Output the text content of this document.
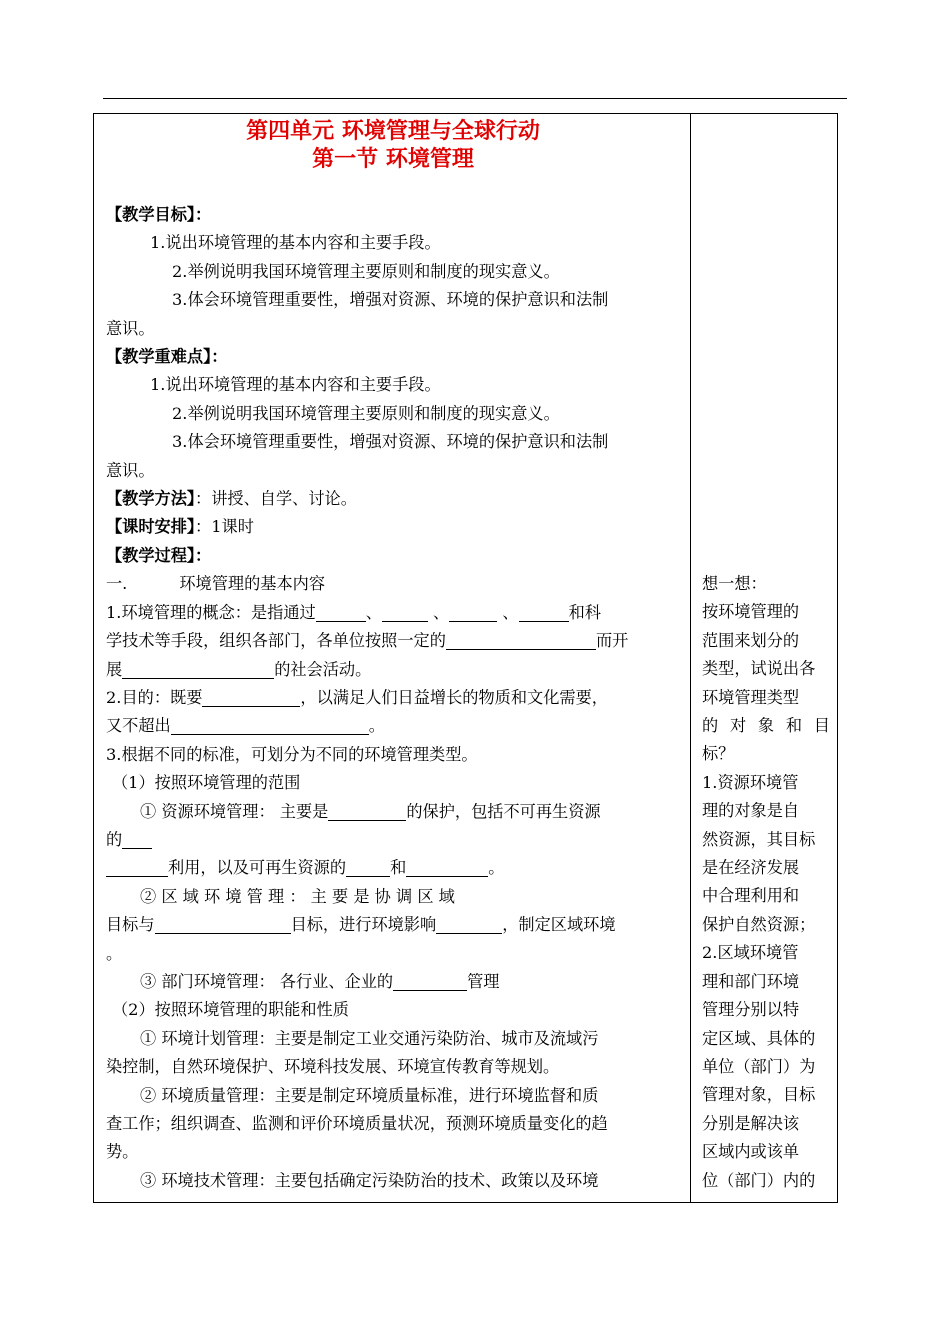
第四单元 环境管理与全球行动
第一节 环境管理

【教学目标】：

1.说出环境管理的基本内容和主要手段。

2.举例说明我国环境管理主要原则和制度的现实意义。

3.体会环境管理重要性，增强对资源、环境的保护意识和法制

意识。

【教学重难点】：

1.说出环境管理的基本内容和主要手段。

2.举例说明我国环境管理主要原则和制度的现实意义。

3.体会环境管理重要性，增强对资源、环境的保护意识和法制

意识。

【教学方法】：讲授、自学、讨论。

【课时安排】：1课时

【教学过程】：

一.	环境管理的基本内容

1.环境管理的概念：是指通过	、	、	、	和科

学技术等手段，组织各部门，各单位按照一定的	而开

展	的社会活动。

2.目的：既要	，以满足人们日益增长的物质和文化需要，

又不超出	。

3.根据不同的标准，可划分为不同的环境管理类型。

（1）按照环境管理的范围

① 资源环境管理： 主要是	的保护，包括不可再生资源

的

利用，以及可再生资源的	和	。

② 区 域 环 境 管 理 ： 主 要 是 协 调 区 域

目标与	目标，进行环境影响	，制定区域环境

。

③ 部门环境管理： 各行业、企业的	管理

（2）按照环境管理的职能和性质

① 环境计划管理：主要是制定工业交通污染防治、城市及流域污

染控制，自然环境保护、环境科技发展、环境宣传教育等规划。

② 环境质量管理：主要是制定环境质量标准，进行环境监督和质

查工作；组织调查、监测和评价环境质量状况，预测环境质量变化的趋

势。

③ 环境技术管理：主要包括确定污染防治的技术、政策以及环境

想一想：

按环境管理的

范围来划分的

类型，试说出各

环境管理类型

的 对 象 和 目

标？

1.资源环境管

理的对象是自

然资源，其目标

是在经济发展

中合理利用和

保护自然资源；

2.区域环境管

理和部门环境

管理分别以特

定区域、具体的

单位（部门）为

管理对象，目标

分别是解决该

区域内或该单

位（部门）内的
